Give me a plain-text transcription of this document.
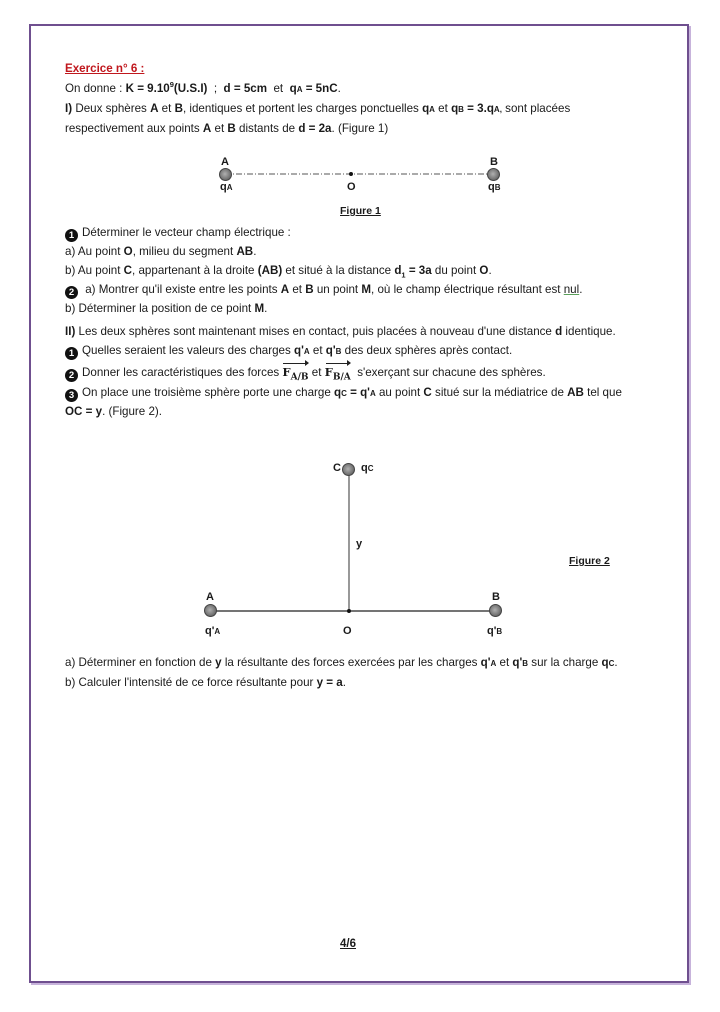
Exercice n° 6 :
On donne : $K = 9.10^9(U.S.I)$  ;  d = 5cm  et  qA = 5nC.
I) Deux sphères A et B, identiques et portent les charges ponctuelles qA et qB = 3.qA, sont placées
respectivement aux points A et B distants de d = 2a. (Figure 1)
A	B
O
qA	qB
Figure 1
1 Déterminer le vecteur champ électrique :
a) Au point O, milieu du segment AB.
b) Au point C, appartenant à la droite (AB) et situé à la distance $d_1 = 3a$ du point O.
2 a) Montrer qu'il existe entre les points A et B un point M, où le champ électrique résultant est nul.
b) Déterminer la position de ce point M.
II) Les deux sphères sont maintenant mises en contact, puis placées à nouveau d'une distance d identique.
1 Quelles seraient les valeurs des charges q'A et q'B des deux sphères après contact.
2 Donner les caractéristiques des forces $F_{A/B}$ et $F_{B/A}$  s'exerçant sur chacune des sphères.
3 On place une troisième sphère porte une charge qC = q'A au point C situé sur la médiatrice de AB tel que
OC = y. (Figure 2).
C qC
y
A	B
O
q'A	q'B
Figure 2
a) Déterminer en fonction de y la résultante des forces exercées par les charges q'A et q'B sur la charge qC.
b) Calculer l'intensité de ce force résultante pour y = a.
4/6
